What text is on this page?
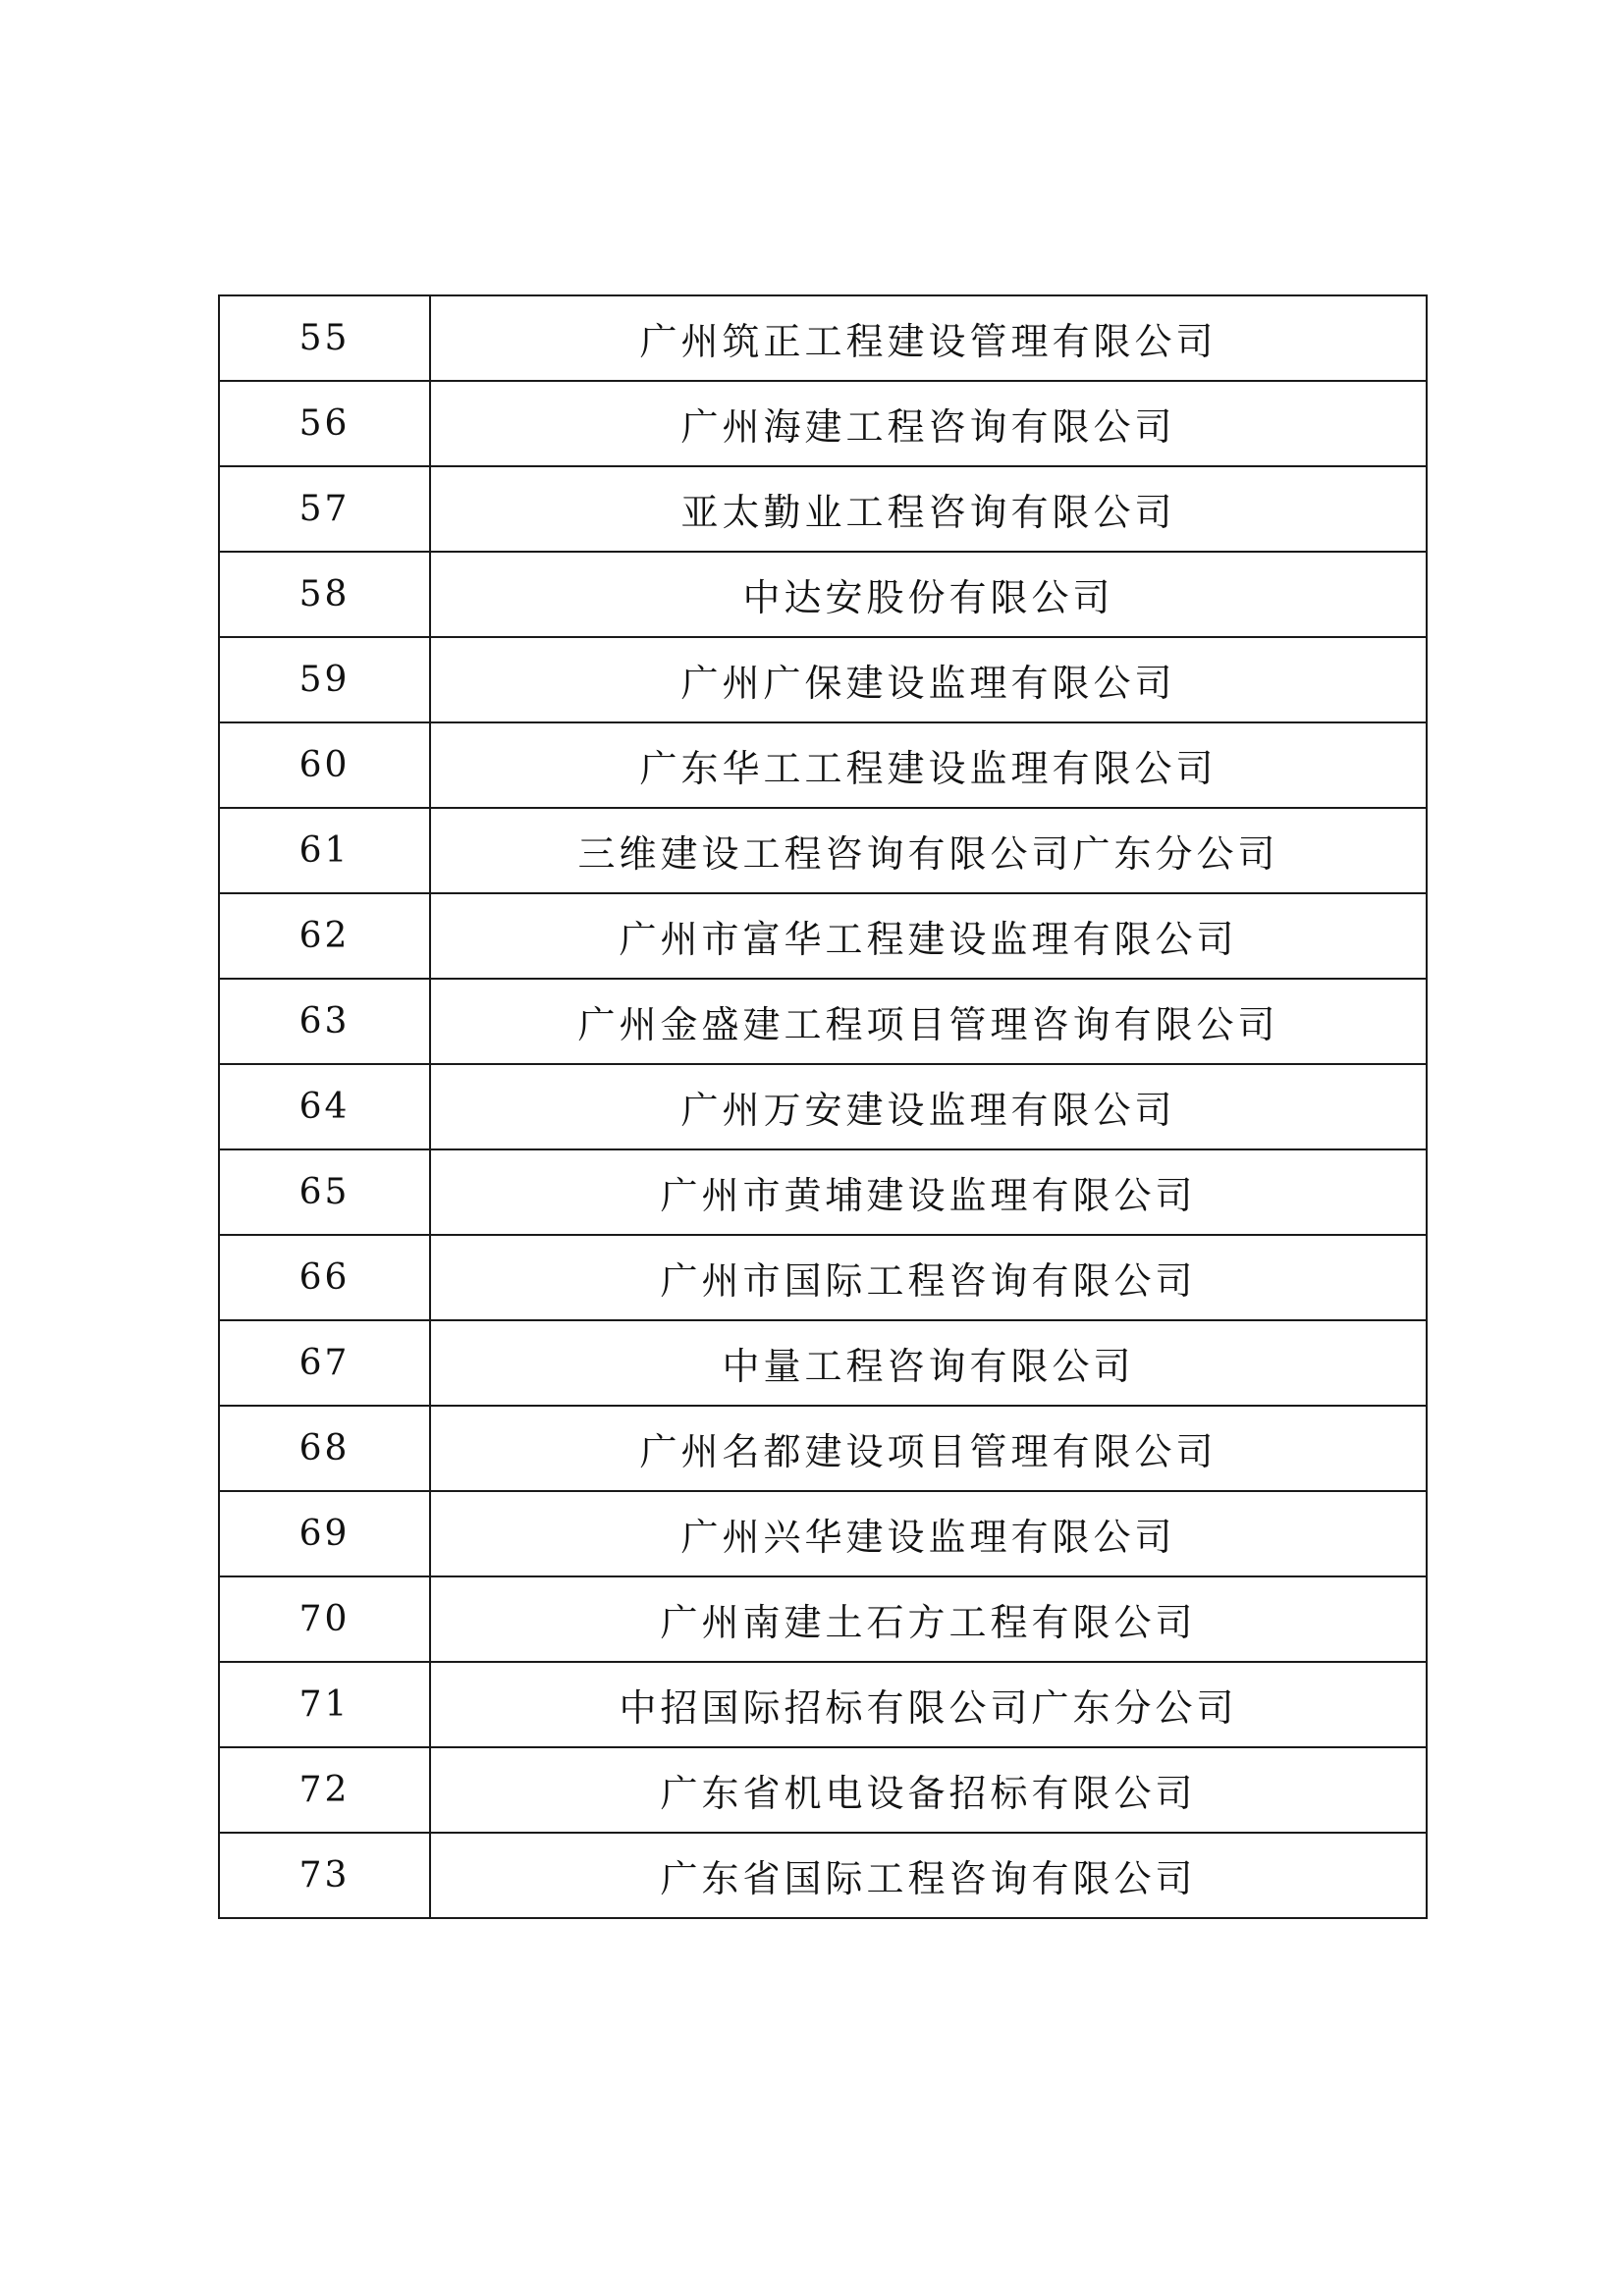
55	广州筑正工程建设管理有限公司
56	广州海建工程咨询有限公司
57	亚太勤业工程咨询有限公司
58	中达安股份有限公司
59	广州广保建设监理有限公司
60	广东华工工程建设监理有限公司
61	三维建设工程咨询有限公司广东分公司
62	广州市富华工程建设监理有限公司
63	广州金盛建工程项目管理咨询有限公司
64	广州万安建设监理有限公司
65	广州市黄埔建设监理有限公司
66	广州市国际工程咨询有限公司
67	中量工程咨询有限公司
68	广州名都建设项目管理有限公司
69	广州兴华建设监理有限公司
70	广州南建土石方工程有限公司
71	中招国际招标有限公司广东分公司
72	广东省机电设备招标有限公司
73	广东省国际工程咨询有限公司
